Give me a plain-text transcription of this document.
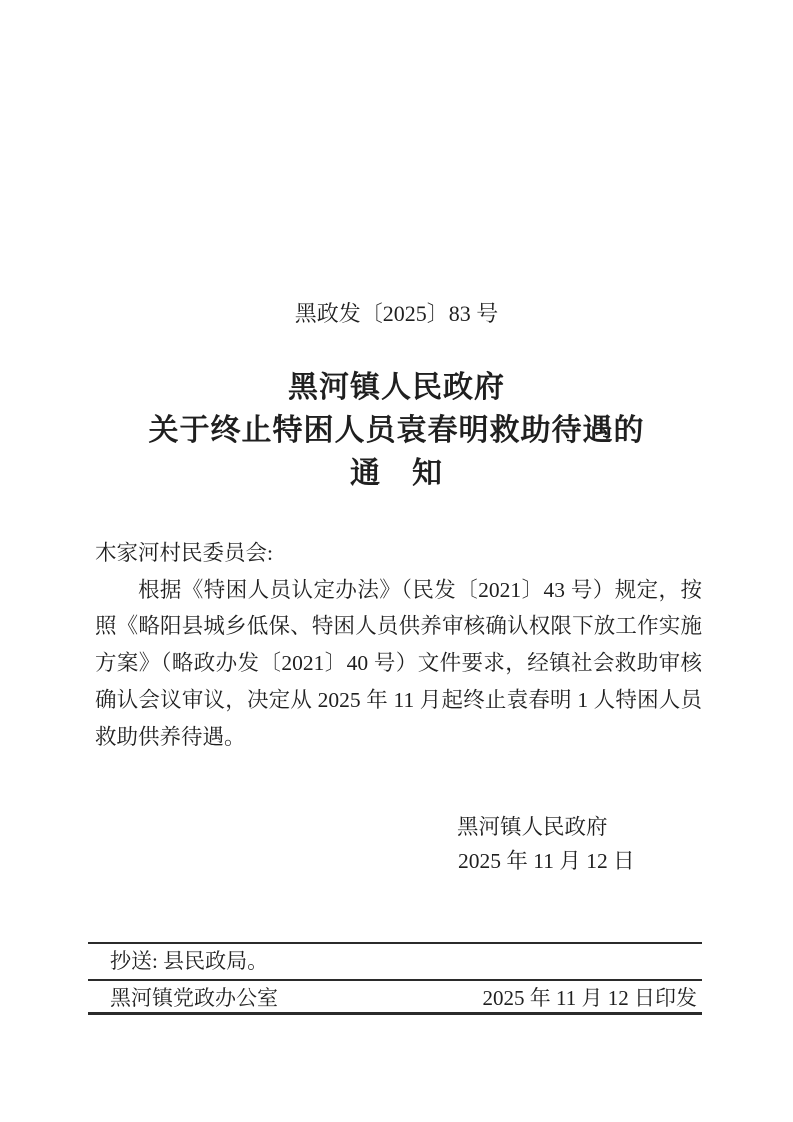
黑政发〔2025〕83 号
黑河镇人民政府
关于终止特困人员袁春明救助待遇的
通　知

木家河村民委员会:

根据《特困人员认定办法》（民发〔2021〕43 号）规定，按照《略阳县城乡低保、特困人员供养审核确认权限下放工作实施方案》（略政办发〔2021〕40 号）文件要求，经镇社会救助审核确认会议审议，决定从 2025 年 11 月起终止袁春明 1 人特困人员救助供养待遇。

黑河镇人民政府
2025 年 11 月 12 日
抄送: 县民政局。
黑河镇党政办公室	2025 年 11 月 12 日印发
